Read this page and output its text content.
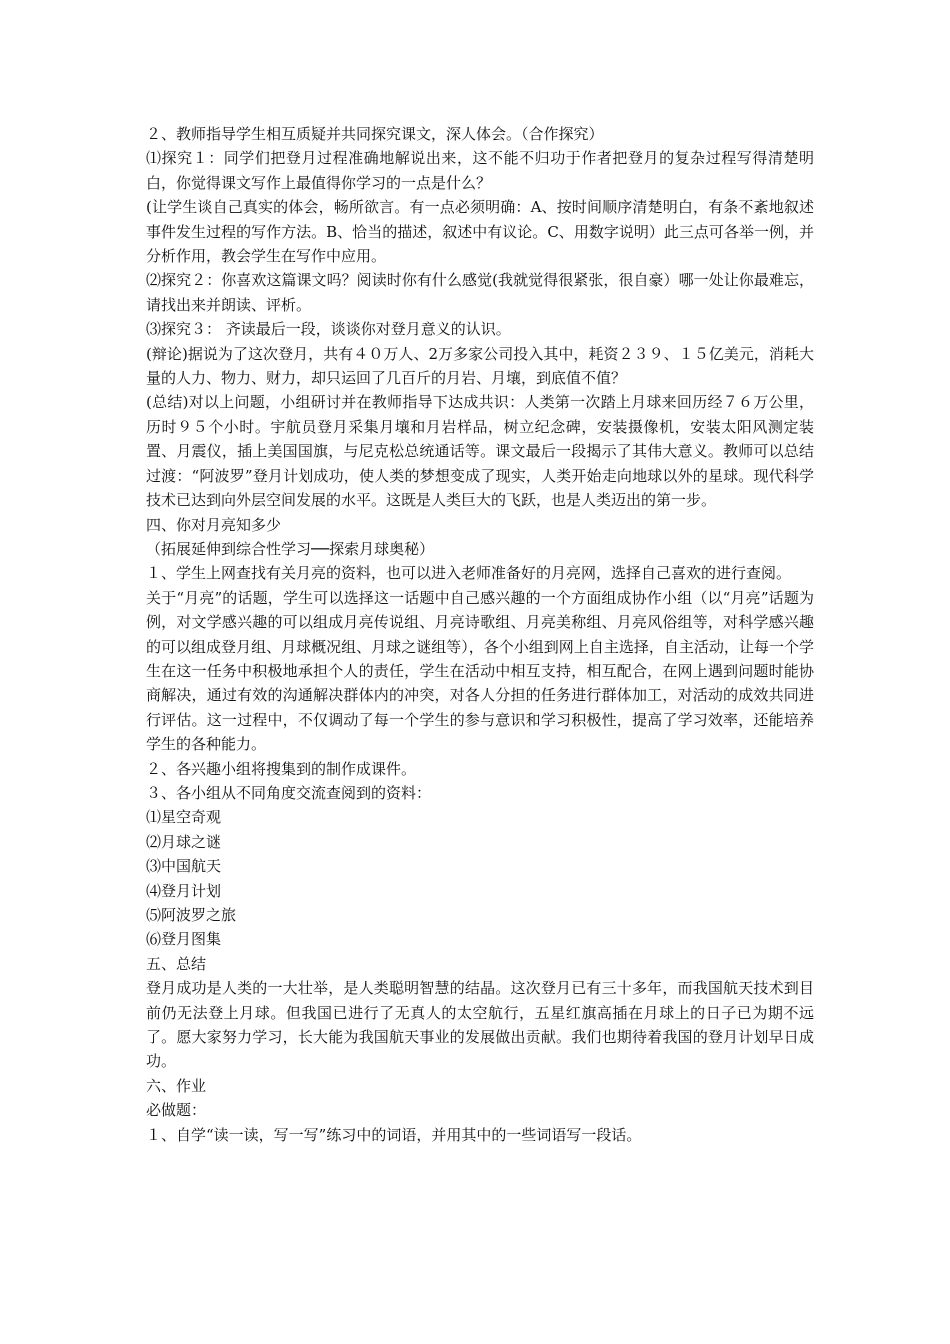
２、教师指导学生相互质疑并共同探究课文，深人体会。（合作探究）

⑴探究１：同学们把登月过程准确地解说出来，这不能不归功于作者把登月的复杂过程写得清楚明白，你觉得课文写作上最值得你学习的一点是什么？

(让学生谈自己真实的体会，畅所欲言。有一点必须明确：A、按时间顺序清楚明白，有条不紊地叙述事件发生过程的写作方法。B、恰当的描述，叙述中有议论。C、用数字说明）此三点可各举一例，并分析作用，教会学生在写作中应用。

⑵探究２：你喜欢这篇课文吗？阅读时你有什么感觉(我就觉得很紧张，很自豪）哪一处让你最难忘，请找出来并朗读、评析。

⑶探究３： 齐读最后一段，谈谈你对登月意义的认识。

(辩论)据说为了这次登月，共有４０万人、2万多家公司投入其中，耗资２３９、１５亿美元，消耗大量的人力、物力、财力，却只运回了几百斤的月岩、月壤，到底值不值？

(总结)对以上问题，小组研讨并在教师指导下达成共识：人类第一次踏上月球来回历经７６万公里，历时９５个小时。宇航员登月采集月壤和月岩样品，树立纪念碑，安装摄像机，安装太阳风测定装置、月震仪，插上美国国旗，与尼克松总统通话等。课文最后一段揭示了其伟大意义。教师可以总结过渡：“阿波罗”登月计划成功，使人类的梦想变成了现实，人类开始走向地球以外的星球。现代科学技术已达到向外层空间发展的水平。这既是人类巨大的飞跃，也是人类迈出的第一步。

四、你对月亮知多少

（拓展延伸到综合性学习──探索月球奥秘）

１、学生上网查找有关月亮的资料，也可以进入老师准备好的月亮网，选择自己喜欢的进行查阅。

关于“月亮”的话题，学生可以选择这一话题中自己感兴趣的一个方面组成协作小组（以“月亮”话题为例，对文学感兴趣的可以组成月亮传说组、月亮诗歌组、月亮美称组、月亮风俗组等，对科学感兴趣的可以组成登月组、月球概况组、月球之谜组等），各个小组到网上自主选择，自主活动，让每一个学生在这一任务中积极地承担个人的责任，学生在活动中相互支持，相互配合，在网上遇到问题时能协商解决，通过有效的沟通解决群体内的冲突，对各人分担的任务进行群体加工，对活动的成效共同进行评估。这一过程中，不仅调动了每一个学生的参与意识和学习积极性，提高了学习效率，还能培养学生的各种能力。

２、各兴趣小组将搜集到的制作成课件。

３、各小组从不同角度交流查阅到的资料：

⑴星空奇观

⑵月球之谜

⑶中国航天

⑷登月计划

⑸阿波罗之旅

⑹登月图集

五、总结

登月成功是人类的一大壮举，是人类聪明智慧的结晶。这次登月已有三十多年，而我国航天技术到目前仍无法登上月球。但我国已进行了无真人的太空航行，五星红旗高插在月球上的日子已为期不远了。愿大家努力学习，长大能为我国航天事业的发展做出贡献。我们也期待着我国的登月计划早日成功。

六、作业

必做题：

１、自学“读一读，写一写”练习中的词语，并用其中的一些词语写一段话。
